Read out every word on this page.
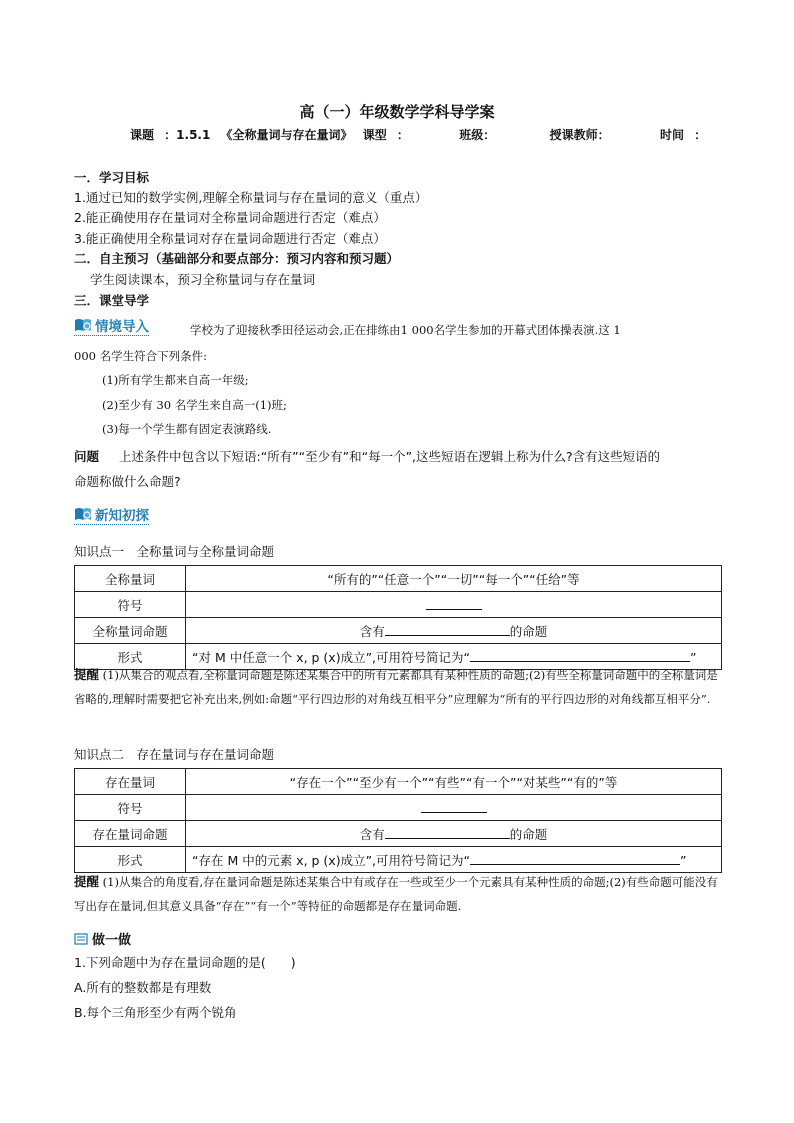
高（一）年级数学学科导学案
课题 ：1.5.1 《全称量词与存在量词》 课型 ：	班级：	授课教师：	时间 ：
一．学习目标
1.通过已知的数学实例,理解全称量词与存在量词的意义（重点）
2.能正确使用存在量词对全称量词命题进行否定（难点）
3.能正确使用全称量词对存在量词命题进行否定（难点）
二．自主预习（基础部分和要点部分：预习内容和预习题）
学生阅读课本，预习全称量词与存在量词
三．课堂导学
情境导入	学校为了迎接秋季田径运动会,正在排练由1 000名学生参加的开幕式团体操表演.这 1
000 名学生符合下列条件:
(1)所有学生都来自高一年级;
(2)至少有 30 名学生来自高一(1)班;
(3)每一个学生都有固定表演路线.
问题 上述条件中包含以下短语:“所有”“至少有”和“每一个”,这些短语在逻辑上称为什么?含有这些短语的
命题称做什么命题?
新知初探
知识点一　全称量词与全称量词命题
全称量词	“所有的”“任意一个”“一切”“每一个”“任给”等
符号	
全称量词命题	含有 的命题
形式	“对 M 中任意一个 x, p (x)成立”,可用符号简记为“ ”
提醒 (1)从集合的观点看,全称量词命题是陈述某集合中的所有元素都具有某种性质的命题;(2)有些全称量词命题中的全称量词是省略的,理解时需要把它补充出来,例如:命题“平行四边形的对角线互相平分”应理解为“所有的平行四边形的对角线都互相平分”.
知识点二　存在量词与存在量词命题
存在量词	“存在一个”“至少有一个”“有些”“有一个”“对某些”“有的”等
符号	
存在量词命题	含有 的命题
形式	“存在 M 中的元素 x, p (x)成立”,可用符号简记为“ ”
提醒 (1)从集合的角度看,存在量词命题是陈述某集合中有或存在一些或至少一个元素具有某种性质的命题;(2)有些命题可能没有写出存在量词,但其意义具备“存在”“有一个”等特征的命题都是存在量词命题.
做一做
1.下列命题中为存在量词命题的是(　　)
A.所有的整数都是有理数
B.每个三角形至少有两个锐角
